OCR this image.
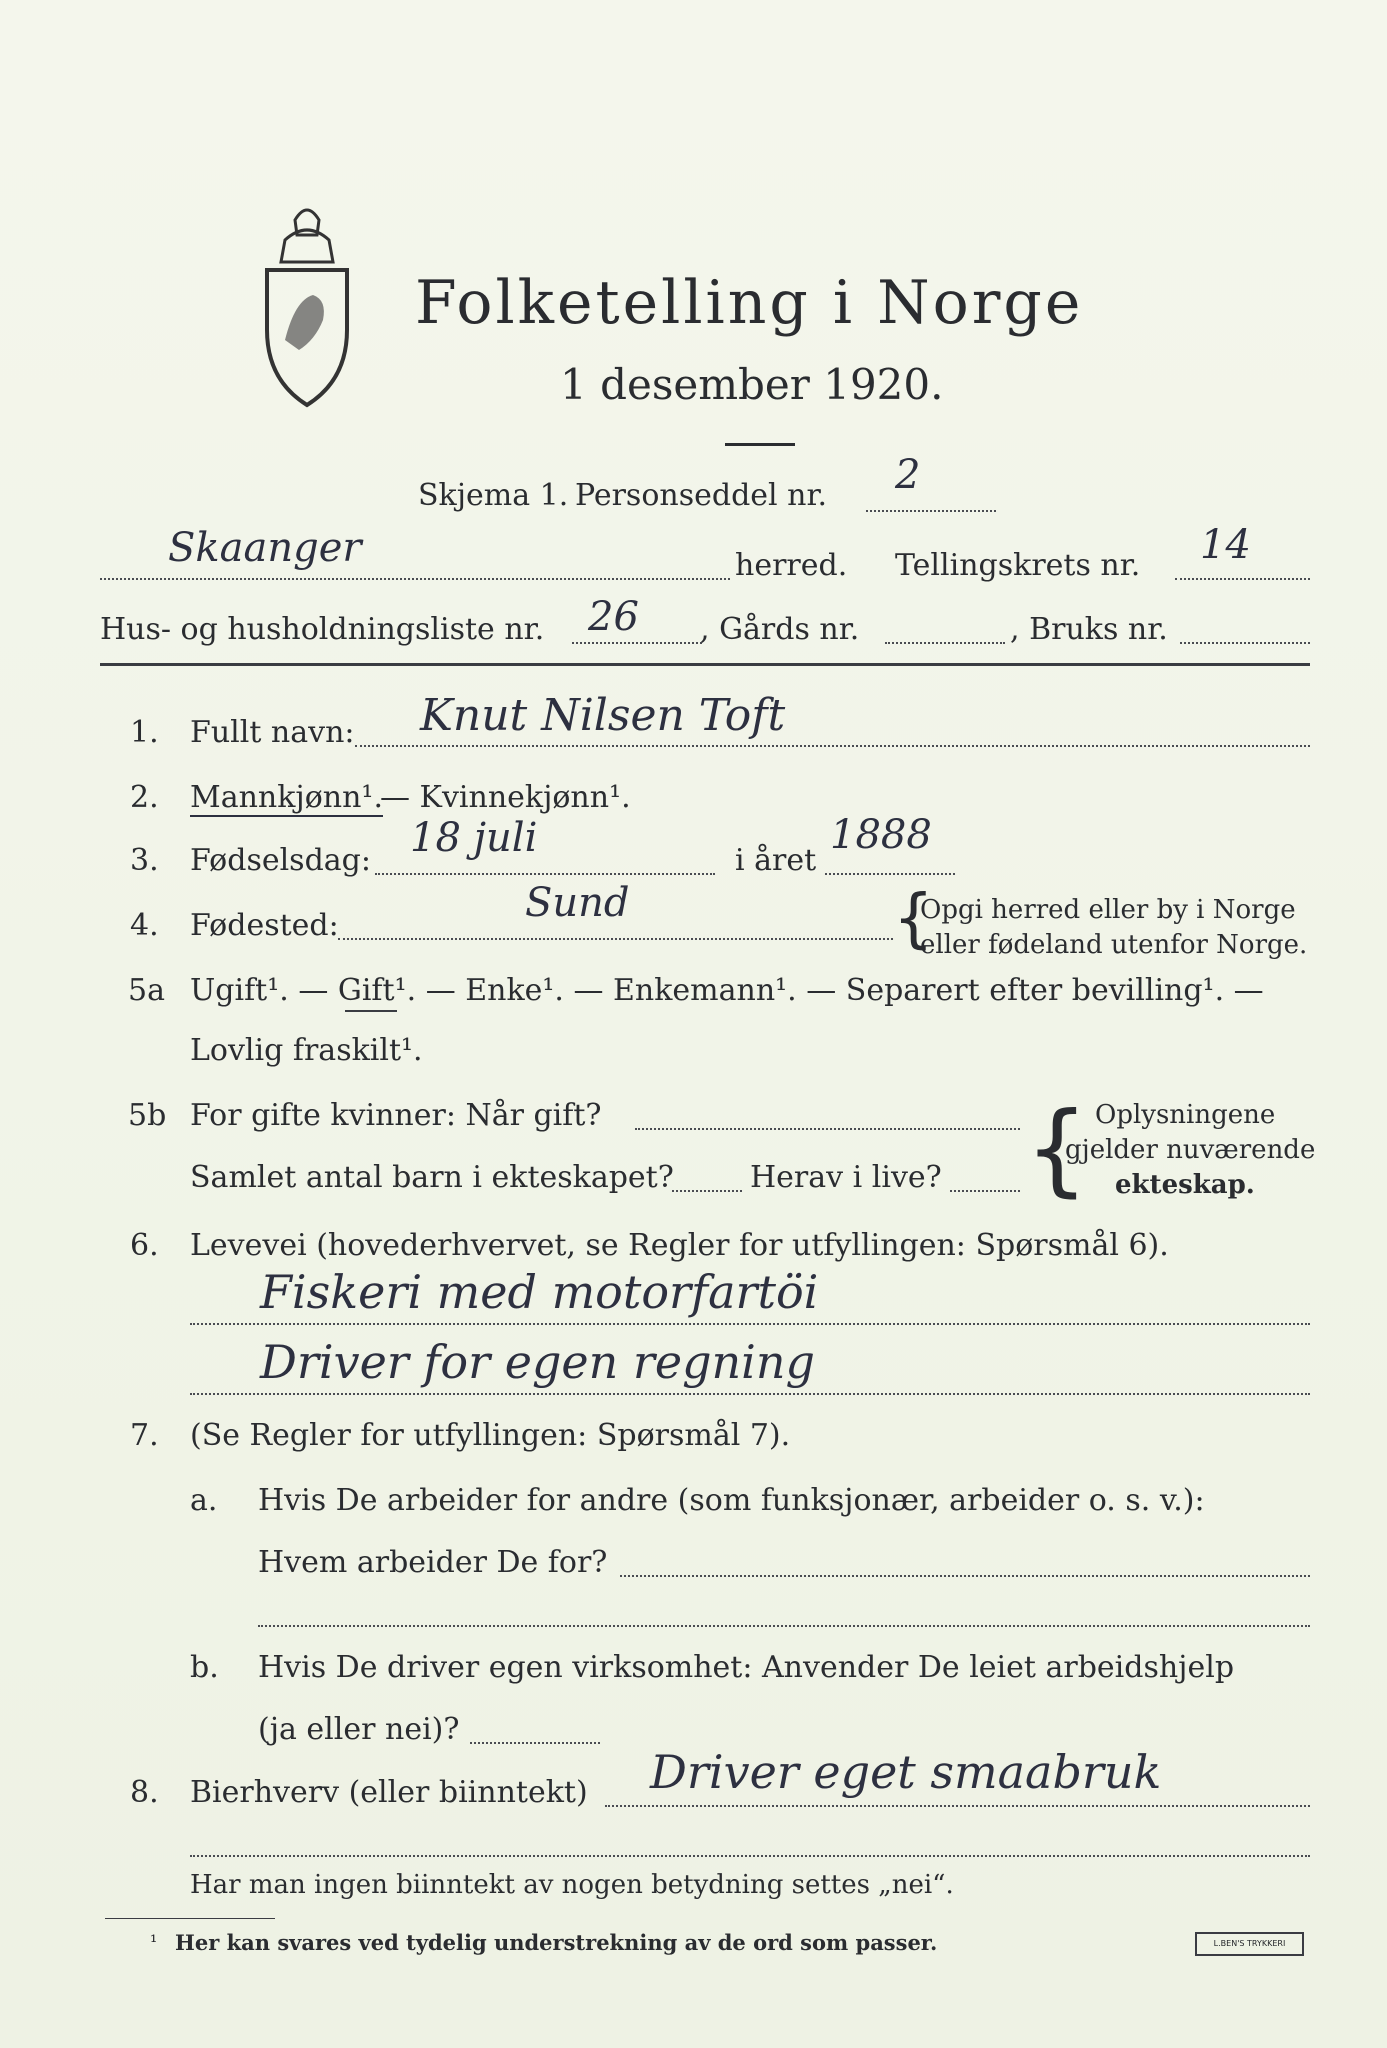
Folketelling i Norge
1 desember 1920.
Skjema 1. Personseddel nr. 2
Skaanger	herred. Tellingskrets nr. 14
Hus- og husholdningsliste nr. 26 , Gårds nr.	, Bruks nr.
1. Fullt navn: Knut Nilsen Toft
2. Mannkjønn¹.
— Kvinnekjønn¹.
3. Fødselsdag: 18 juli	i året
1888
4. Fødested:	Sund	{
Opgi herred eller by i Norge
eller fødeland utenfor Norge.
5a Ugift¹. — Gift¹. — Enke¹. — Enkemann¹. — Separert efter bevilling¹. —
Lovlig fraskilt¹.
5b For gifte kvinner: Når gift?
Samlet antal barn i ekteskapet?	Herav i live? { Oplysningene
gjelder nuværende
ekteskap.
6. Levevei (hovederhvervet, se Regler for utfyllingen: Spørsmål 6).
Fiskeri med motorfartöi
Driver for egen regning
7. (Se Regler for utfyllingen: Spørsmål 7).
a. Hvis De arbeider for andre (som funksjonær, arbeider o. s. v.):
Hvem arbeider De for?
b. Hvis De driver egen virksomhet: Anvender De leiet arbeidshjelp
(ja eller nei)?
8. Bierhverv (eller biinntekt) Driver eget smaabruk
Har man ingen biinntekt av nogen betydning settes „nei“.
¹ Her kan svares ved tydelig understrekning av de ord som passer.	L.BEN'S TRYKKERI
